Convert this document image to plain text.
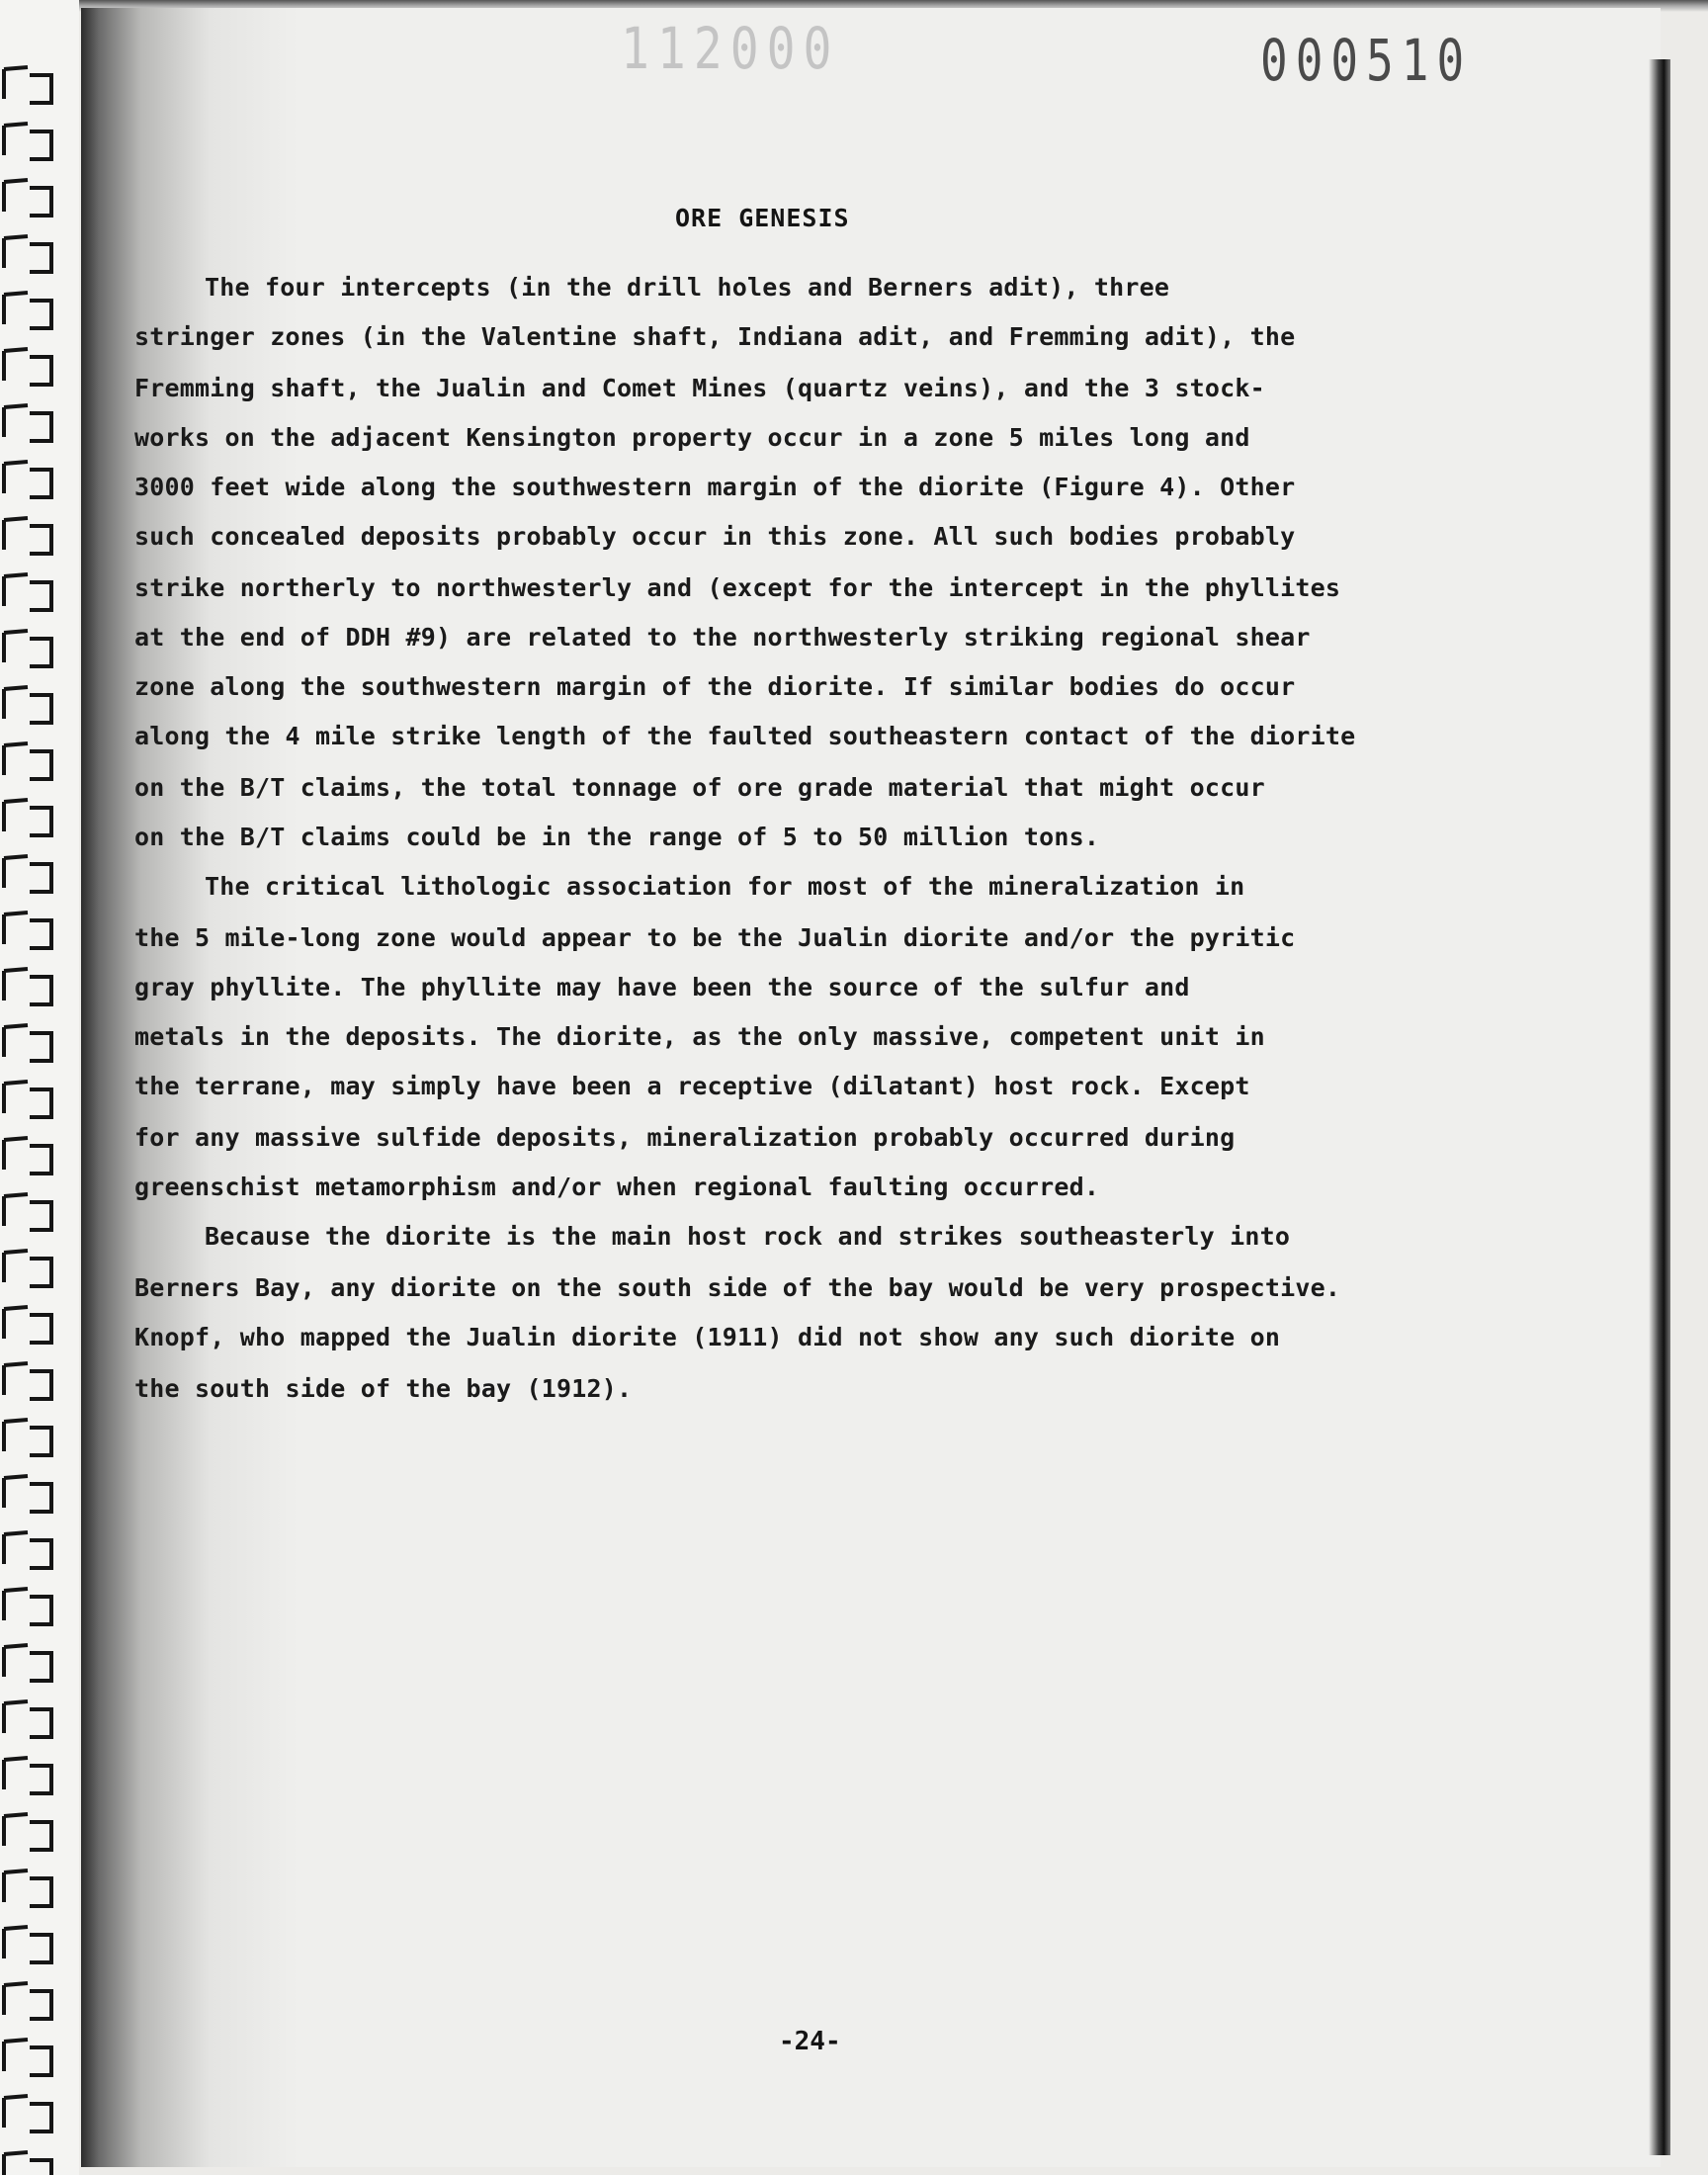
112000	000510
ORE GENESIS
The four intercepts (in the drill holes and Berners adit), three
stringer zones (in the Valentine shaft, Indiana adit, and Fremming adit), the
Fremming shaft, the Jualin and Comet Mines (quartz veins), and the 3 stock-
works on the adjacent Kensington property occur in a zone 5 miles long and
3000 feet wide along the southwestern margin of the diorite (Figure 4). Other
such concealed deposits probably occur in this zone. All such bodies probably
strike northerly to northwesterly and (except for the intercept in the phyllites
at the end of DDH #9) are related to the northwesterly striking regional shear
zone along the southwestern margin of the diorite. If similar bodies do occur
along the 4 mile strike length of the faulted southeastern contact of the diorite
on the B/T claims, the total tonnage of ore grade material that might occur
on the B/T claims could be in the range of 5 to 50 million tons.
The critical lithologic association for most of the mineralization in
the 5 mile-long zone would appear to be the Jualin diorite and/or the pyritic
gray phyllite. The phyllite may have been the source of the sulfur and
metals in the deposits. The diorite, as the only massive, competent unit in
the terrane, may simply have been a receptive (dilatant) host rock. Except
for any massive sulfide deposits, mineralization probably occurred during
greenschist metamorphism and/or when regional faulting occurred.
Because the diorite is the main host rock and strikes southeasterly into
Berners Bay, any diorite on the south side of the bay would be very prospective.
Knopf, who mapped the Jualin diorite (1911) did not show any such diorite on
the south side of the bay (1912).
-24-
